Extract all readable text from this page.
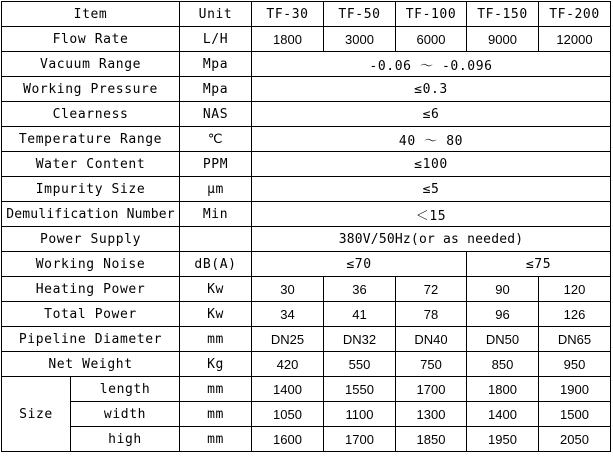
Item		Unit	TF-30	TF-50	TF-100	TF-150	TF-200
Flow Rate		L/H	1800	3000	6000	9000	12000
Vacuum Range		Mpa	-0.06 ～ -0.096				
Working Pressure		Mpa	≤0.3				
Clearness		NAS	≤6				
Temperature Range		℃	40 ～ 80				
Water Content		PPM	≤100				
Impurity Size		μm	≤5				
Demulification Number		Min	＜15				
Power Supply			380V/50Hz(or as needed)				
Working Noise		dB(A)	≤70			≤75	
Heating Power		Kw	30	36	72	90	120
Total Power		Kw	34	41	78	96	126
Pipeline Diameter		mm	DN25	DN32	DN40	DN50	DN65
Net Weight		Kg	420	550	750	850	950
Size	length	mm	1400	1550	1700	1800	1900
	width	mm	1050	1100	1300	1400	1500
	high	mm	1600	1700	1850	1950	2050
